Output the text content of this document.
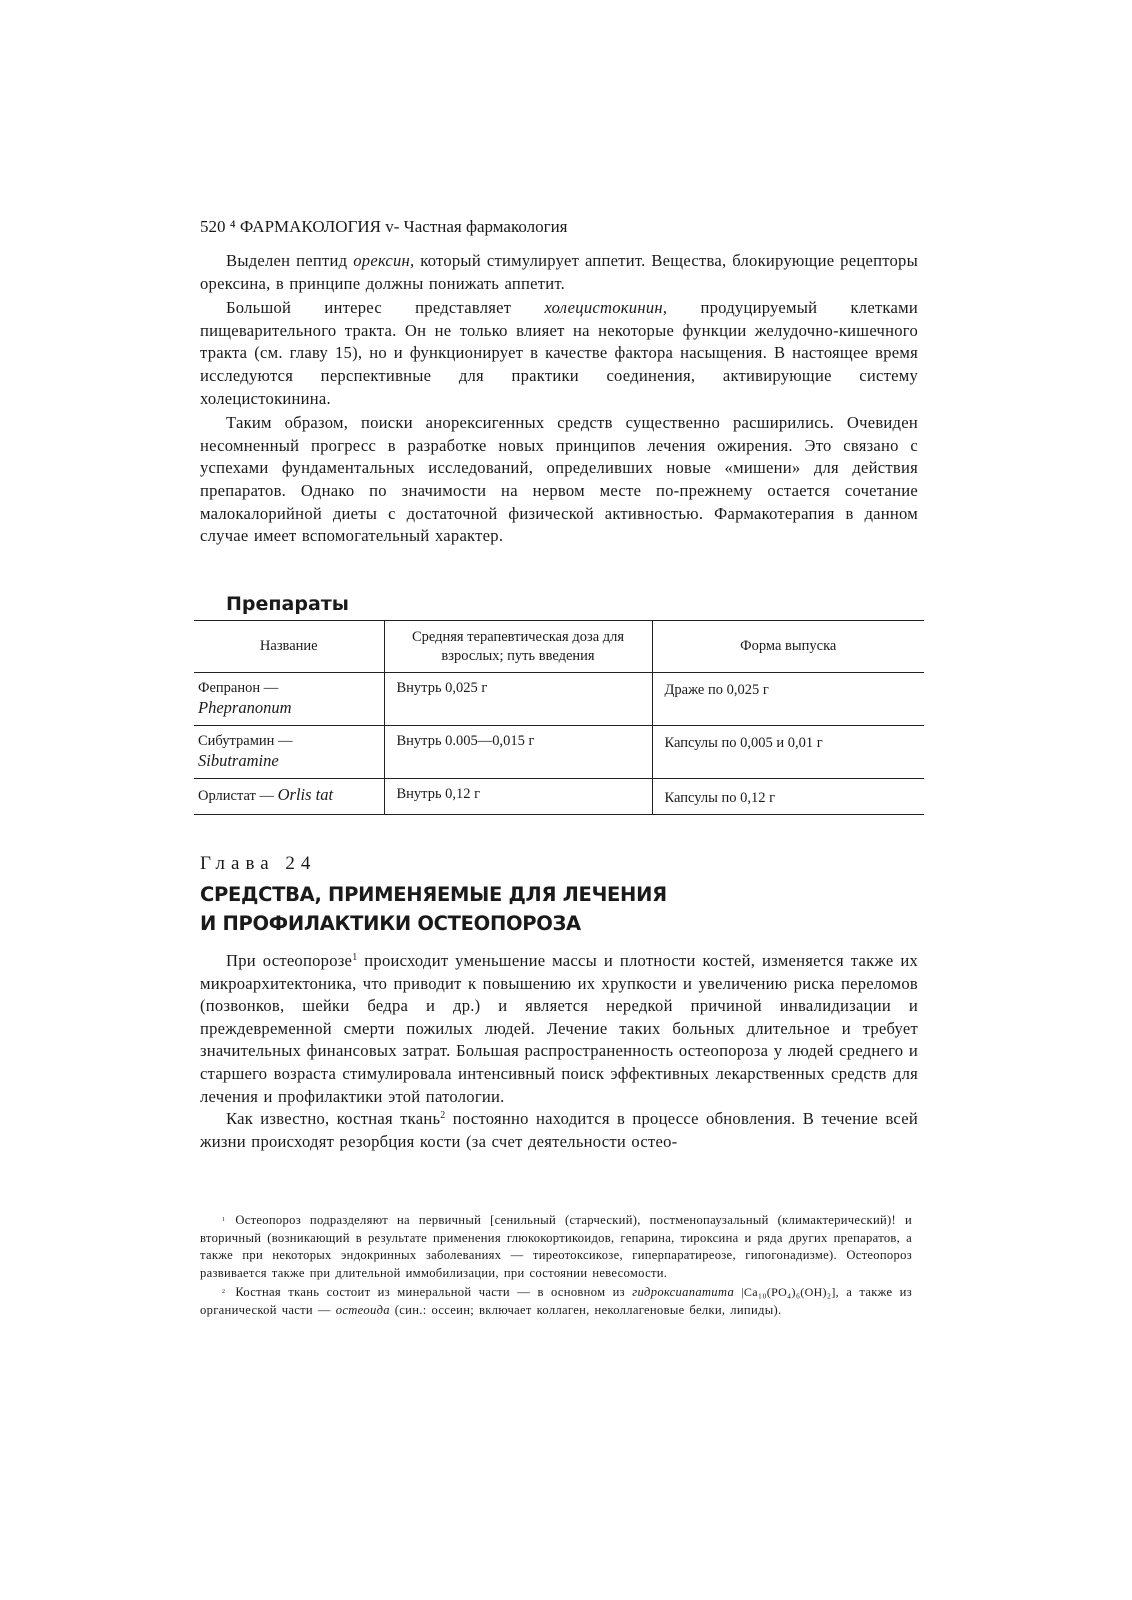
520 ⁴ ФАРМАКОЛОГИЯ v- Частная фармакология

Выделен пептид орексин, который стимулирует аппетит. Вещества, блокирующие рецепторы орексина, в принципе должны понижать аппетит.

Большой интерес представляет холецистокинин, продуцируемый клетками пищеварительного тракта. Он не только влияет на некоторые функции желудочно-кишечного тракта (см. главу 15), но и функционирует в качестве фактора насыщения. В настоящее время исследуются перспективные для практики соединения, активирующие систему холецистокинина.

Таким образом, поиски анорексигенных средств существенно расширились. Очевиден несомненный прогресс в разработке новых принципов лечения ожирения. Это связано с успехами фундаментальных исследований, определивших новые «мишени» для действия препаратов. Однако по значимости на нервом месте по-прежнему остается сочетание малокалорийной диеты с достаточной физической активностью. Фармакотерапия в данном случае имеет вспомогательный характер.

Препараты
Название	Средняя терапевтическая доза для взрослых; путь введения	Форма выпуска

Фепранон —
Phepranonum	Внутрь 0,025 г	Драже по 0,025 г

Сибутрамин —
Sibutramine	Внутрь 0.005—0,015 г	Капсулы по 0,005 и 0,01 г

Орлистат — Orlis tat	Внутрь 0,12 г	Капсулы по 0,12 г
Глава 24
СРЕДСТВА, ПРИМЕНЯЕМЫЕ ДЛЯ ЛЕЧЕНИЯ
И ПРОФИЛАКТИКИ ОСТЕОПОРОЗА

При остеопорозе$^1$ происходит уменьшение массы и плотности костей, изменяется также их микроархитектоника, что приводит к повышению их хрупкости и увеличению риска переломов (позвонков, шейки бедра и др.) и является нередкой причиной инвалидизации и преждевременной смерти пожилых людей. Лечение таких больных длительное и требует значительных финансовых затрат. Большая распространенность остеопороза у людей среднего и старшего возраста стимулировала интенсивный поиск эффективных лекарственных средств для лечения и профилактики этой патологии.

Как известно, костная ткань$^2$ постоянно находится в процессе обновления. В течение всей жизни происходят резорбция кости (за счет деятельности остео-

$^1$ Остеопороз подразделяют на первичный [сенильный (старческий), постменопаузальный (климактерический)! и вторичный (возникающий в результате применения глюкокортикоидов, гепарина, тироксина и ряда других препаратов, а также при некоторых эндокринных заболеваниях — тиреотоксикозе, гиперпаратиреозе, гипогонадизме). Остеопороз развивается также при длительной иммобилизации, при состоянии невесомости.

$^2$ Костная ткань состоит из минеральной части — в основном из гидроксиапатита |Ca₁₀(PO₄)₆(OH)₂], а также из органической части — остеоида (син.: оссеин; включает коллаген, неколлагеновые белки, липиды).
